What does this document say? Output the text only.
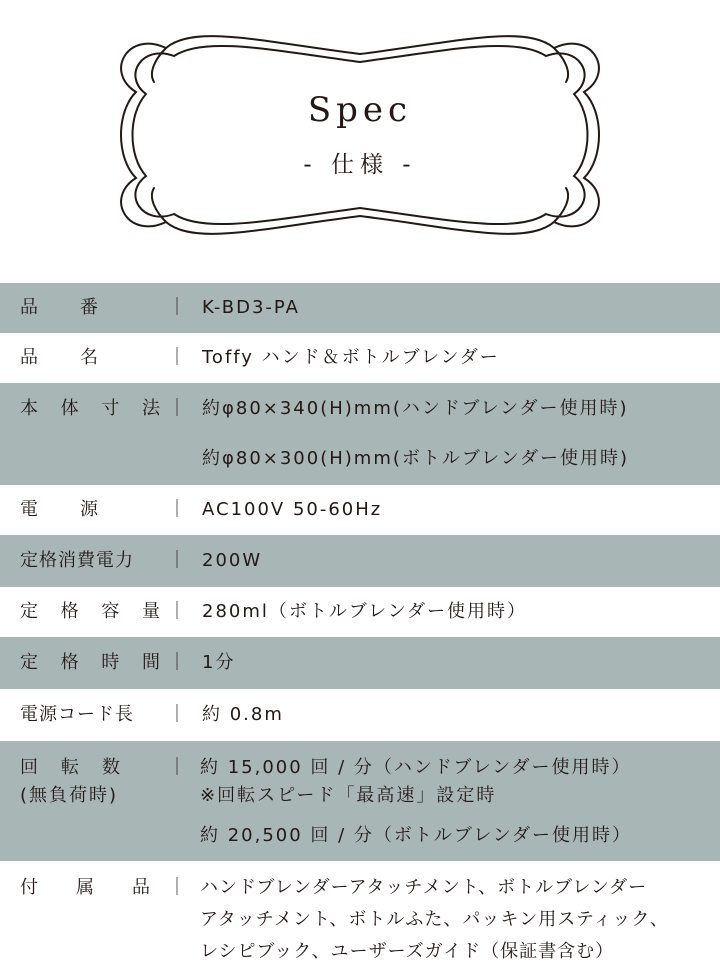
Spec
- 仕様 -
品 番	｜ K-BD3-PA
品 名	｜ Toffy ハンド＆ボトルブレンダー
本 体 寸 法 ｜ 約φ80×340(H)mm(ハンドブレンダー使用時)
約φ80×300(H)mm(ボトルブレンダー使用時)
電 源	｜ AC100V 50-60Hz
定格消費電力	｜ 200W
定 格 容 量 ｜ 280ml（ボトルブレンダー使用時）
定 格 時 間 ｜ 1分
電源コード長	｜ 約 0.8m
回 転 数
(無負荷時)
｜ 約 15,000 回 / 分（ハンドブレンダー使用時）
※回転スピード「最高速」設定時
約 20,500 回 / 分（ボトルブレンダー使用時）
付 属 品 ｜ ハンドブレンダーアタッチメント、ボトルブレンダー
アタッチメント、ボトルふた、パッキン用スティック、
レシピブック、ユーザーズガイド（保証書含む）
